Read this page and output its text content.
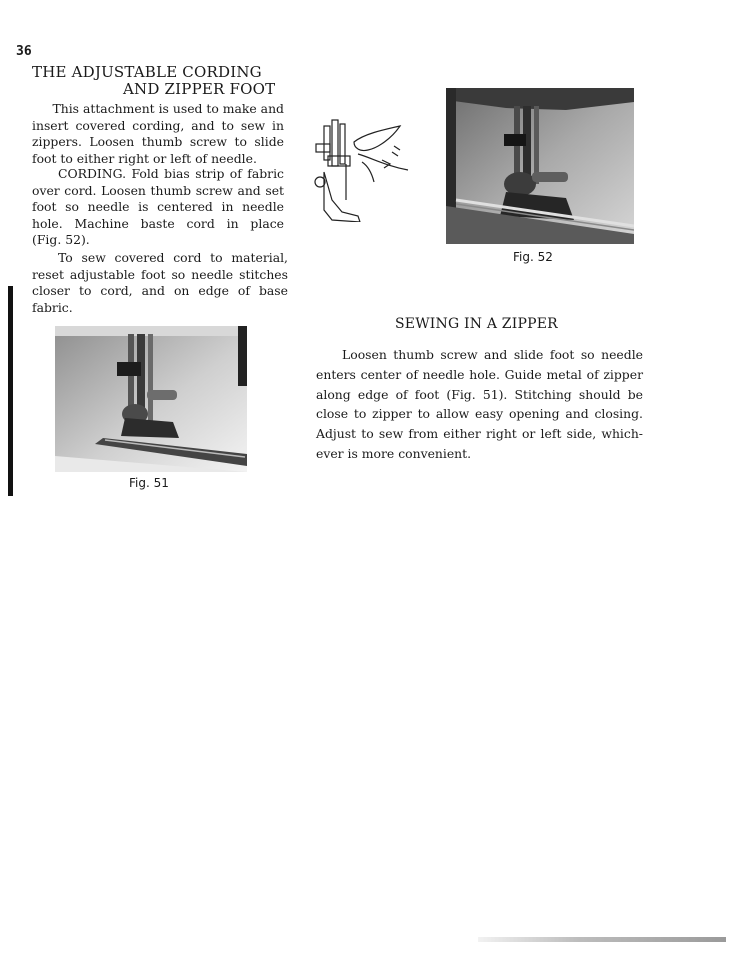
36
THE ADJUSTABLE CORDING
AND ZIPPER FOOT

This attachment is used to make and

insert covered cording, and to sew in

zippers. Loosen thumb screw to slide

foot to either right or left of needle.

CORDING. Fold bias strip of fabric

over cord. Loosen thumb screw and set

foot so needle is centered in needle

hole. Machine baste cord in place

(Fig. 52).

To sew covered cord to material,

reset adjustable foot so needle stitches

closer to cord, and on edge of base

fabric.

Fig. 51
Fig. 52
SEWING IN A ZIPPER

Loosen thumb screw and slide foot so needle

enters center of needle hole. Guide metal of zipper

along edge of foot (Fig. 51). Stitching should be

close to zipper to allow easy opening and closing.

Adjust to sew from either right or left side, which-

ever is more convenient.
